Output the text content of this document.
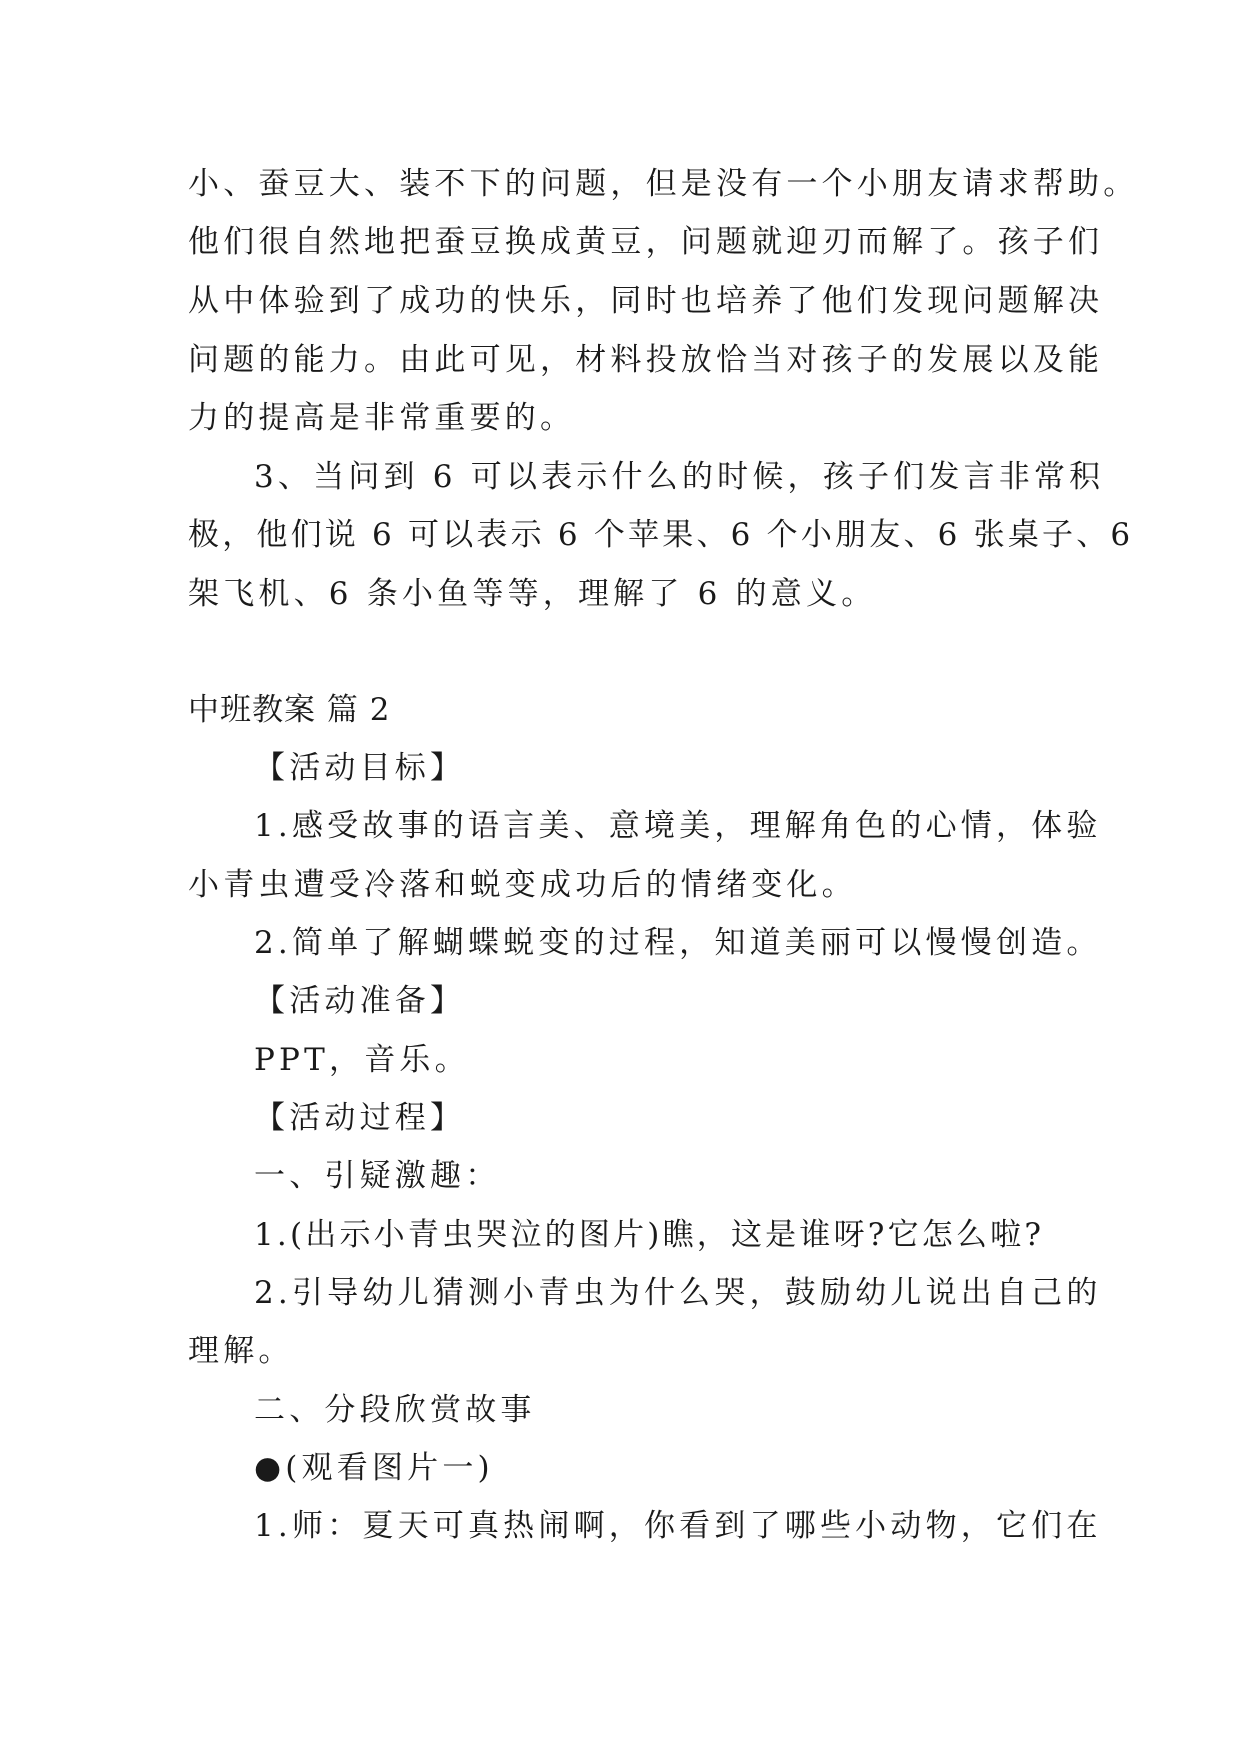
小、蚕豆大、装不下的问题，但是没有一个小朋友请求帮助。
他们很自然地把蚕豆换成黄豆，问题就迎刃而解了。孩子们
从中体验到了成功的快乐，同时也培养了他们发现问题解决
问题的能力。由此可见，材料投放恰当对孩子的发展以及能
力的提高是非常重要的。
3、当问到 6 可以表示什么的时候，孩子们发言非常积
极，他们说 6 可以表示 6 个苹果、6 个小朋友、6 张桌子、6
架飞机、6 条小鱼等等，理解了 6 的意义。
中班教案 篇 2
【活动目标】
1.感受故事的语言美、意境美，理解角色的心情，体验
小青虫遭受冷落和蜕变成功后的情绪变化。
2.简单了解蝴蝶蜕变的过程，知道美丽可以慢慢创造。
【活动准备】
PPT，音乐。
【活动过程】
一、引疑激趣：
1.(出示小青虫哭泣的图片)瞧，这是谁呀?它怎么啦?
2.引导幼儿猜测小青虫为什么哭，鼓励幼儿说出自己的
理解。
二、分段欣赏故事
●(观看图片一)
1.师：夏天可真热闹啊，你看到了哪些小动物，它们在
